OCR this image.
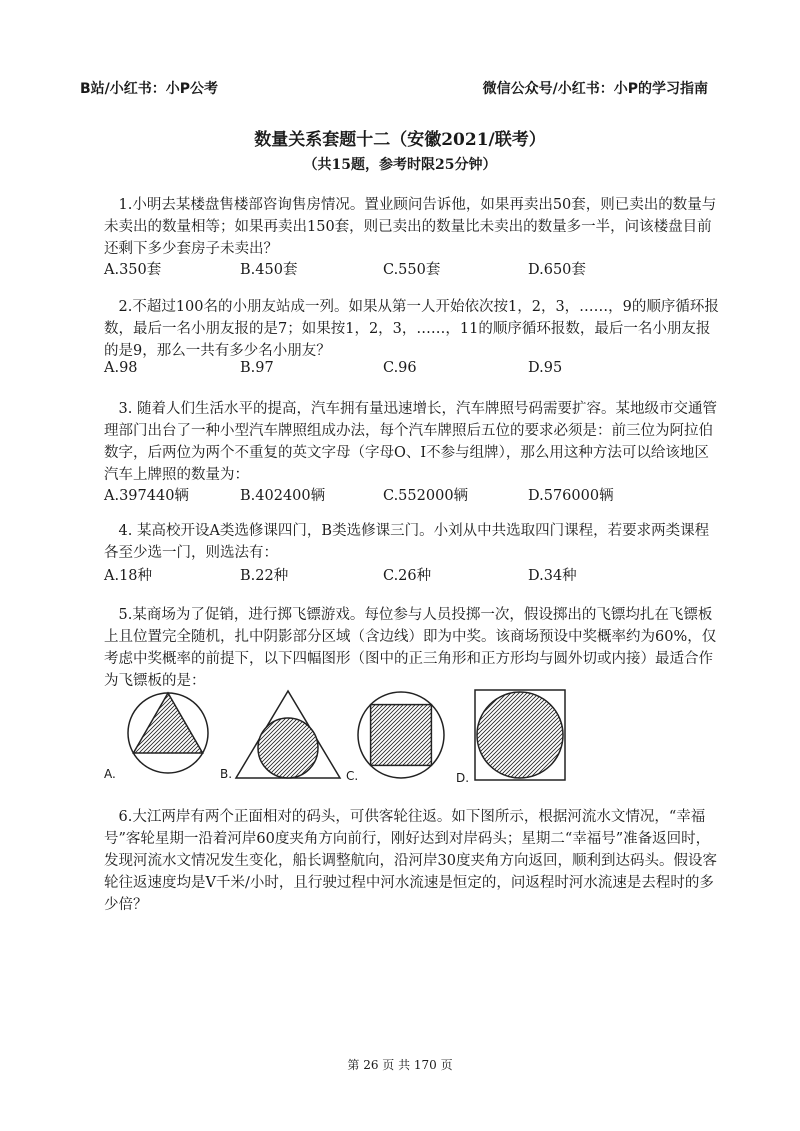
B站/小红书：小P公考	微信公众号/小红书：小P的学习指南
数量关系套题十二（安徽2021/联考）
（共15题，参考时限25分钟）

1.小明去某楼盘售楼部咨询售房情况。置业顾问告诉他，如果再卖出50套，则已卖出的数量与未卖出的数量相等；如果再卖出150套，则已卖出的数量比未卖出的数量多一半，问该楼盘目前还剩下多少套房子未卖出？

A.350套	B.450套	C.550套	D.650套

2.不超过100名的小朋友站成一列。如果从第一人开始依次按1，2，3，……，9的顺序循环报数，最后一名小朋友报的是7；如果按1，2，3，……，11的顺序循环报数，最后一名小朋友报的是9，那么一共有多少名小朋友？

A.98	B.97	C.96	D.95

3. 随着人们生活水平的提高，汽车拥有量迅速增长，汽车牌照号码需要扩容。某地级市交通管理部门出台了一种小型汽车牌照组成办法，每个汽车牌照后五位的要求必须是：前三位为阿拉伯数字，后两位为两个不重复的英文字母（字母O、I不参与组牌），那么用这种方法可以给该地区汽车上牌照的数量为：

A.397440辆	B.402400辆	C.552000辆	D.576000辆

4. 某高校开设A类选修课四门，B类选修课三门。小刘从中共选取四门课程，若要求两类课程各至少选一门，则选法有：

A.18种	B.22种	C.26种	D.34种

5.某商场为了促销，进行掷飞镖游戏。每位参与人员投掷一次，假设掷出的飞镖均扎在飞镖板上且位置完全随机，扎中阴影部分区域（含边线）即为中奖。该商场预设中奖概率约为60%，仅考虑中奖概率的前提下，以下四幅图形（图中的正三角形和正方形均与圆外切或内接）最适合作为飞镖板的是：

A.	B.	C.	D.

6.大江两岸有两个正面相对的码头，可供客轮往返。如下图所示，根据河流水文情况，“幸福号”客轮星期一沿着河岸60度夹角方向前行，刚好达到对岸码头；星期二“幸福号”准备返回时，发现河流水文情况发生变化，船长调整航向，沿河岸30度夹角方向返回，顺利到达码头。假设客轮往返速度均是V千米/小时，且行驶过程中河水流速是恒定的，问返程时河水流速是去程时的多少倍？

第 26 页 共 170 页
